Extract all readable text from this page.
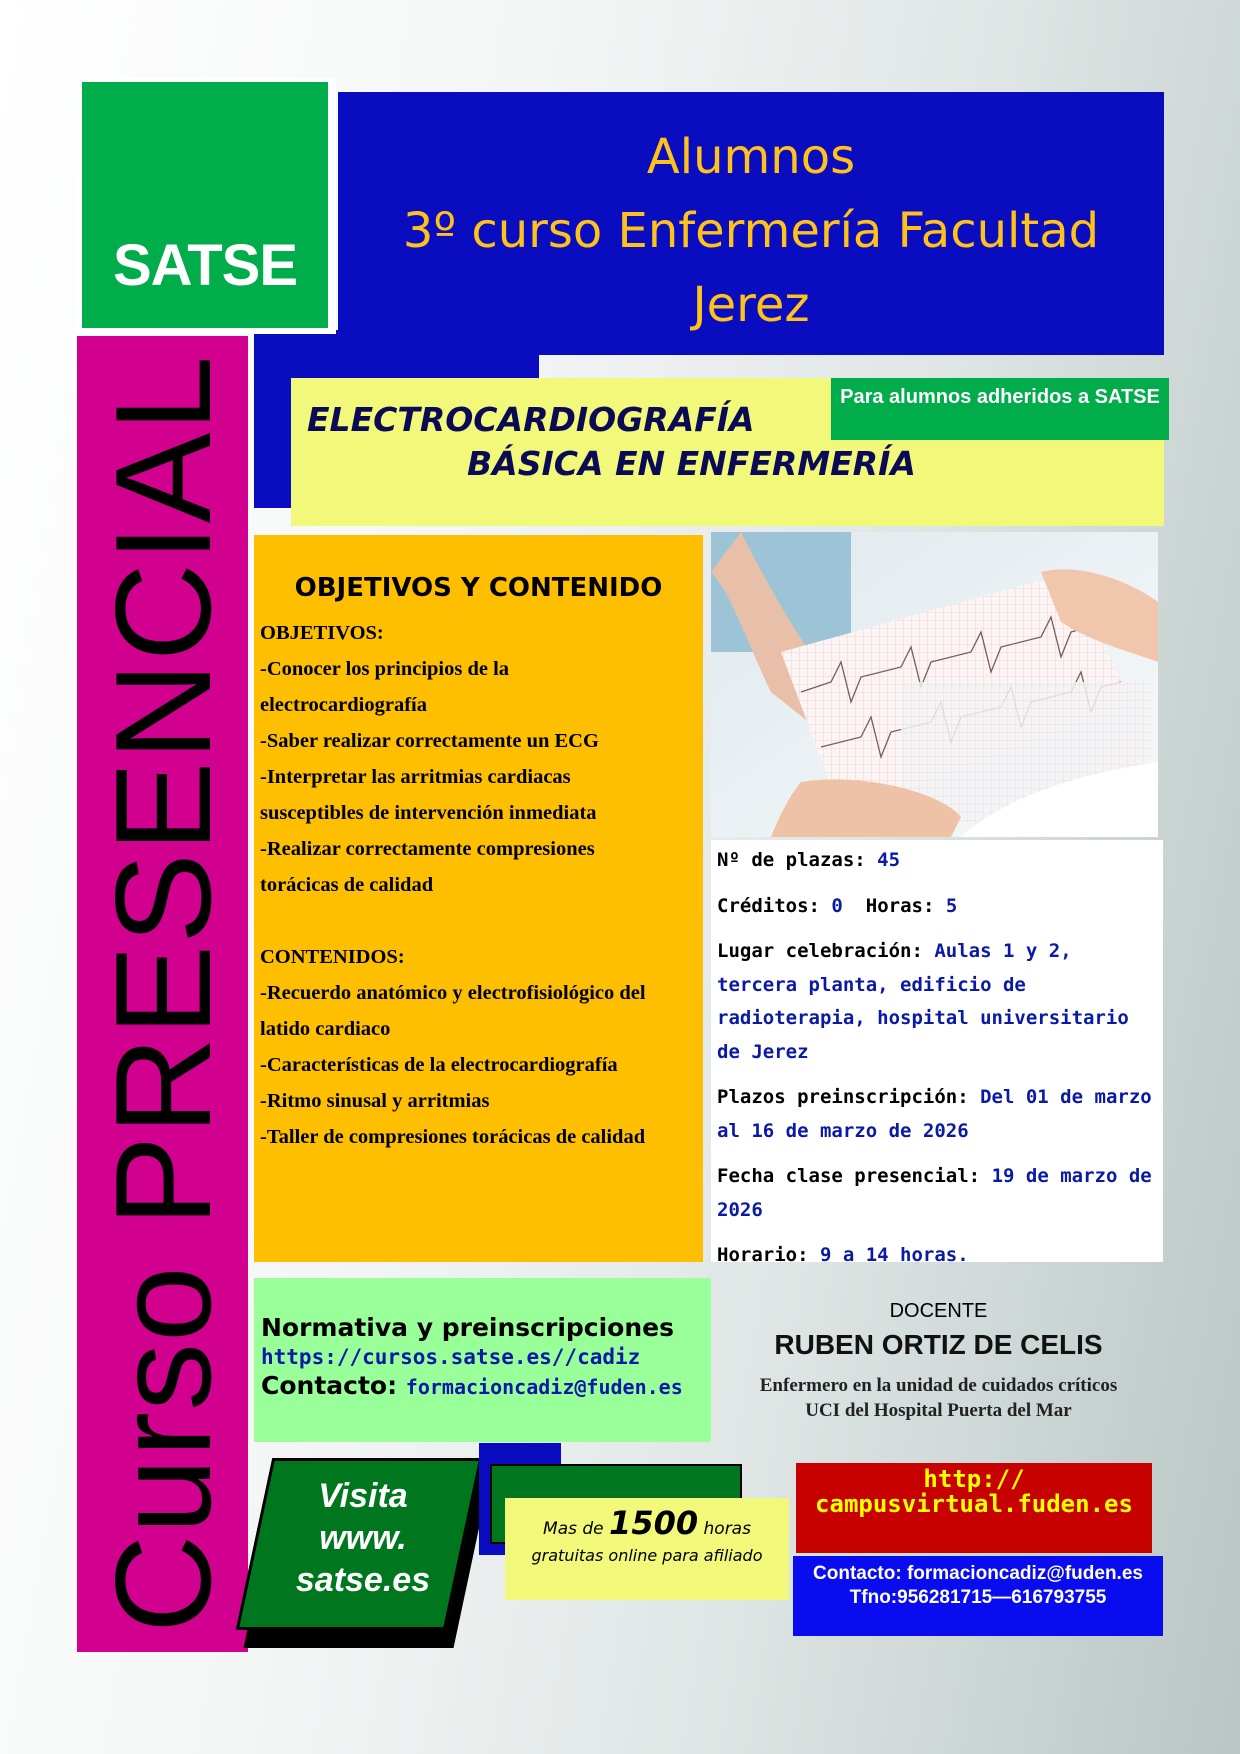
Alumnos
3º curso Enfermería Facultad
Jerez
SATSE
Curso PRESENCIAL ELECTROCARDIOGRAFÍA
BÁSICA EN ENFERMERÍA
Para alumnos adheridos a SATSE
OBJETIVOS Y CONTENIDO
OBJETIVOS:
-Conocer los principios de la
electrocardiografía
-Saber realizar correctamente un ECG
-Interpretar las arritmias cardiacas
susceptibles de intervención inmediata
-Realizar correctamente compresiones
torácicas de calidad
CONTENIDOS:
-Recuerdo anatómico y electrofisiológico del
latido cardiaco
-Características de la electrocardiografía
-Ritmo sinusal y arritmias
-Taller de compresiones torácicas de calidad

Nº de plazas: 45

Créditos: 0 Horas: 5

Lugar celebración: Aulas 1 y 2, tercera planta, edificio de radioterapia, hospital universitario de Jerez

Plazos preinscripción: Del 01 de marzo al 16 de marzo de 2026

Fecha clase presencial: 19 de marzo de 2026

Horario: 9 a 14 horas.

Normativa y preinscripciones
https://cursos.satse.es//cadiz
Contacto: formacioncadiz@fuden.es
DOCENTE
RUBEN ORTIZ DE CELIS
Enfermero en la unidad de cuidados críticos
UCI del Hospital Puerta del Mar
Visita
www.
satse.es
Mas de 1500 horas
gratuitas online para afiliado
http://
campusvirtual.fuden.es
Contacto: formacioncadiz@fuden.es
Tfno:956281715—616793755
